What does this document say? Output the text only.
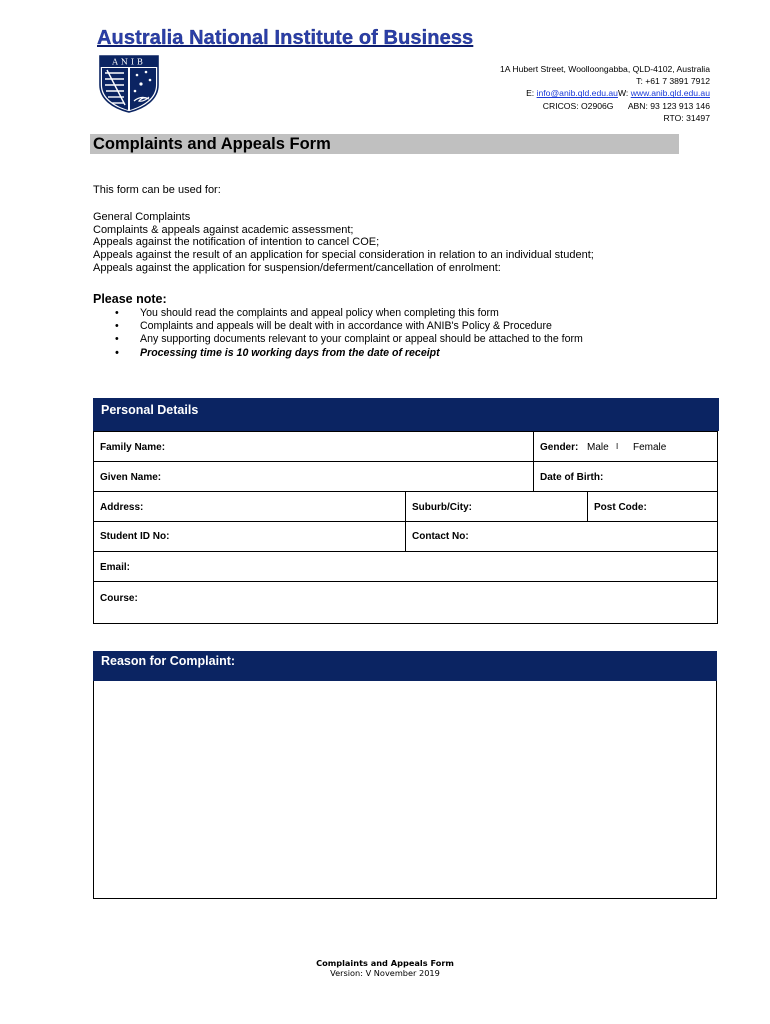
Australia National Institute of Business
ANIB
1A Hubert Street, Woolloongabba, QLD-4102, Australia
T: +61 7 3891 7912
E: info@anib.qld.edu.auW: www.anib.qld.edu.au
CRICOS: O2906G ABN: 93 123 913 146
RTO: 31497
Complaints and Appeals Form
This form can be used for:
General Complaints
Complaints & appeals against academic assessment;
Appeals against the notification of intention to cancel COE;
Appeals against the result of an application for special consideration in relation to an individual student;
Appeals against the application for suspension/deferment/cancellation of enrolment:
Please note:
• You should read the complaints and appeal policy when completing this form
• Complaints and appeals will be dealt with in accordance with ANIB's Policy & Procedure
• Any supporting documents relevant to your complaint or appeal should be attached to the form
• Processing time is 10 working days from the date of receipt
Personal Details
Family Name:	Gender: Male I Female
Given Name:	Date of Birth:
Address:	Suburb/City:	Post Code:
Student ID No:	Contact No:
Email:
Course:
Reason for Complaint:
Complaints and Appeals Form
Version: V November 2019
